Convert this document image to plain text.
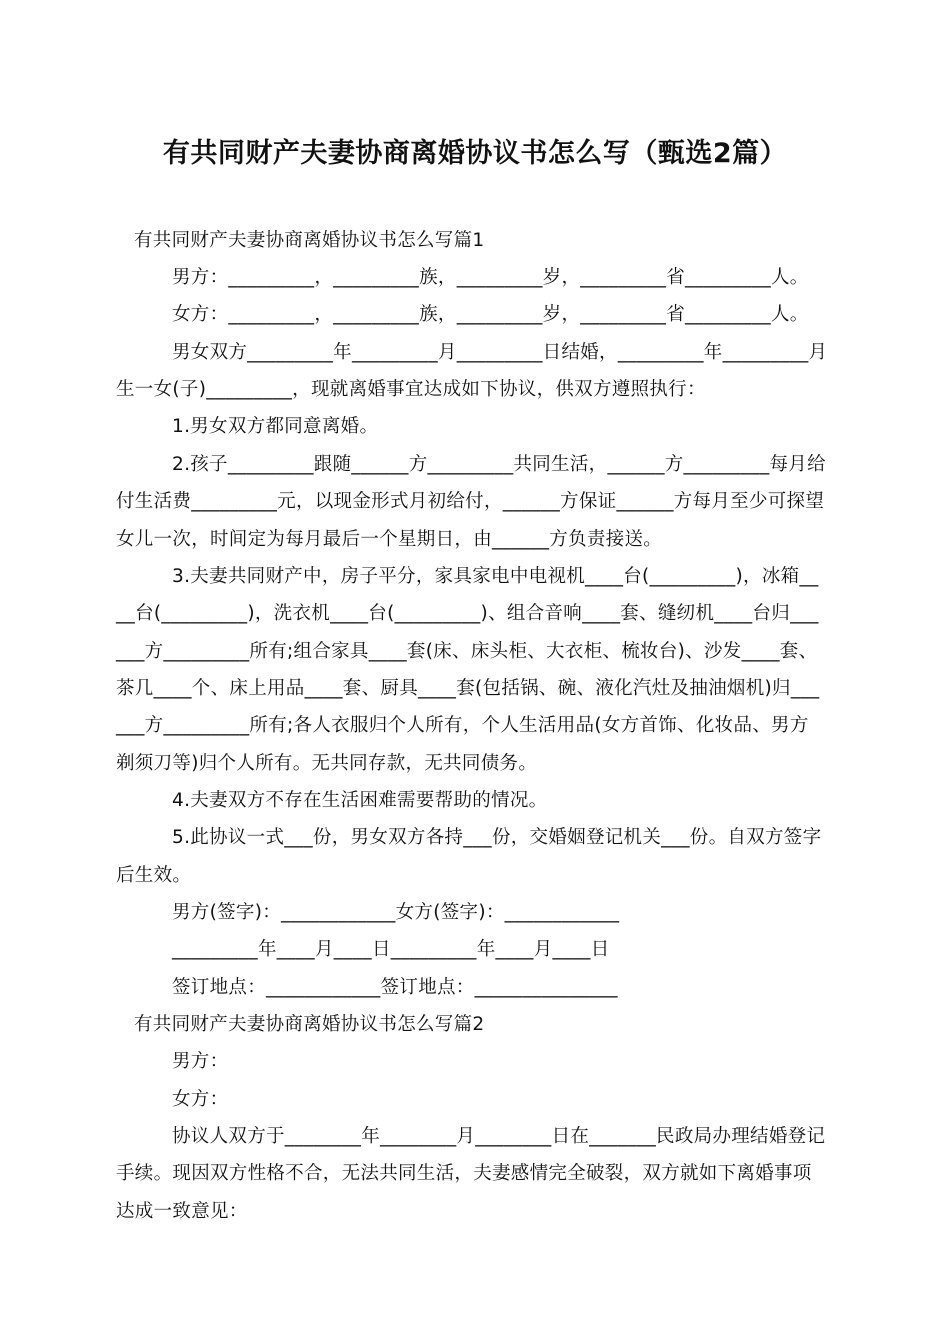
有共同财产夫妻协商离婚协议书怎么写（甄选2篇）
有共同财产夫妻协商离婚协议书怎么写篇1
男方：_________，_________族，_________岁，_________省_________人。
女方：_________，_________族，_________岁，_________省_________人。
男女双方_________年_________月_________日结婚，_________年_________月
生一女(子)_________，现就离婚事宜达成如下协议，供双方遵照执行：
1.男女双方都同意离婚。
2.孩子_________跟随______方_________共同生活，______方_________每月给
付生活费_________元，以现金形式月初给付，______方保证______方每月至少可探望
女儿一次，时间定为每月最后一个星期日，由______方负责接送。
3.夫妻共同财产中，房子平分，家具家电中电视机____台(_________)，冰箱__
__台(_________)，洗衣机____台(_________)、组合音响____套、缝纫机____台归___
___方_________所有;组合家具____套(床、床头柜、大衣柜、梳妆台)、沙发____套、
茶几____个、床上用品____套、厨具____套(包括锅、碗、液化汽灶及抽油烟机)归___
___方_________所有;各人衣服归个人所有，个人生活用品(女方首饰、化妆品、男方
剃须刀等)归个人所有。无共同存款，无共同债务。
4.夫妻双方不存在生活困难需要帮助的情况。
5.此协议一式___份，男女双方各持___份，交婚姻登记机关___份。自双方签字
后生效。
男方(签字)：____________女方(签字)：____________
_________年____月____日_________年____月____日
签订地点：____________签订地点：_______________
有共同财产夫妻协商离婚协议书怎么写篇2
男方：
女方：
协议人双方于________年________月________日在_______民政局办理结婚登记
手续。现因双方性格不合，无法共同生活，夫妻感情完全破裂，双方就如下离婚事项
达成一致意见：
